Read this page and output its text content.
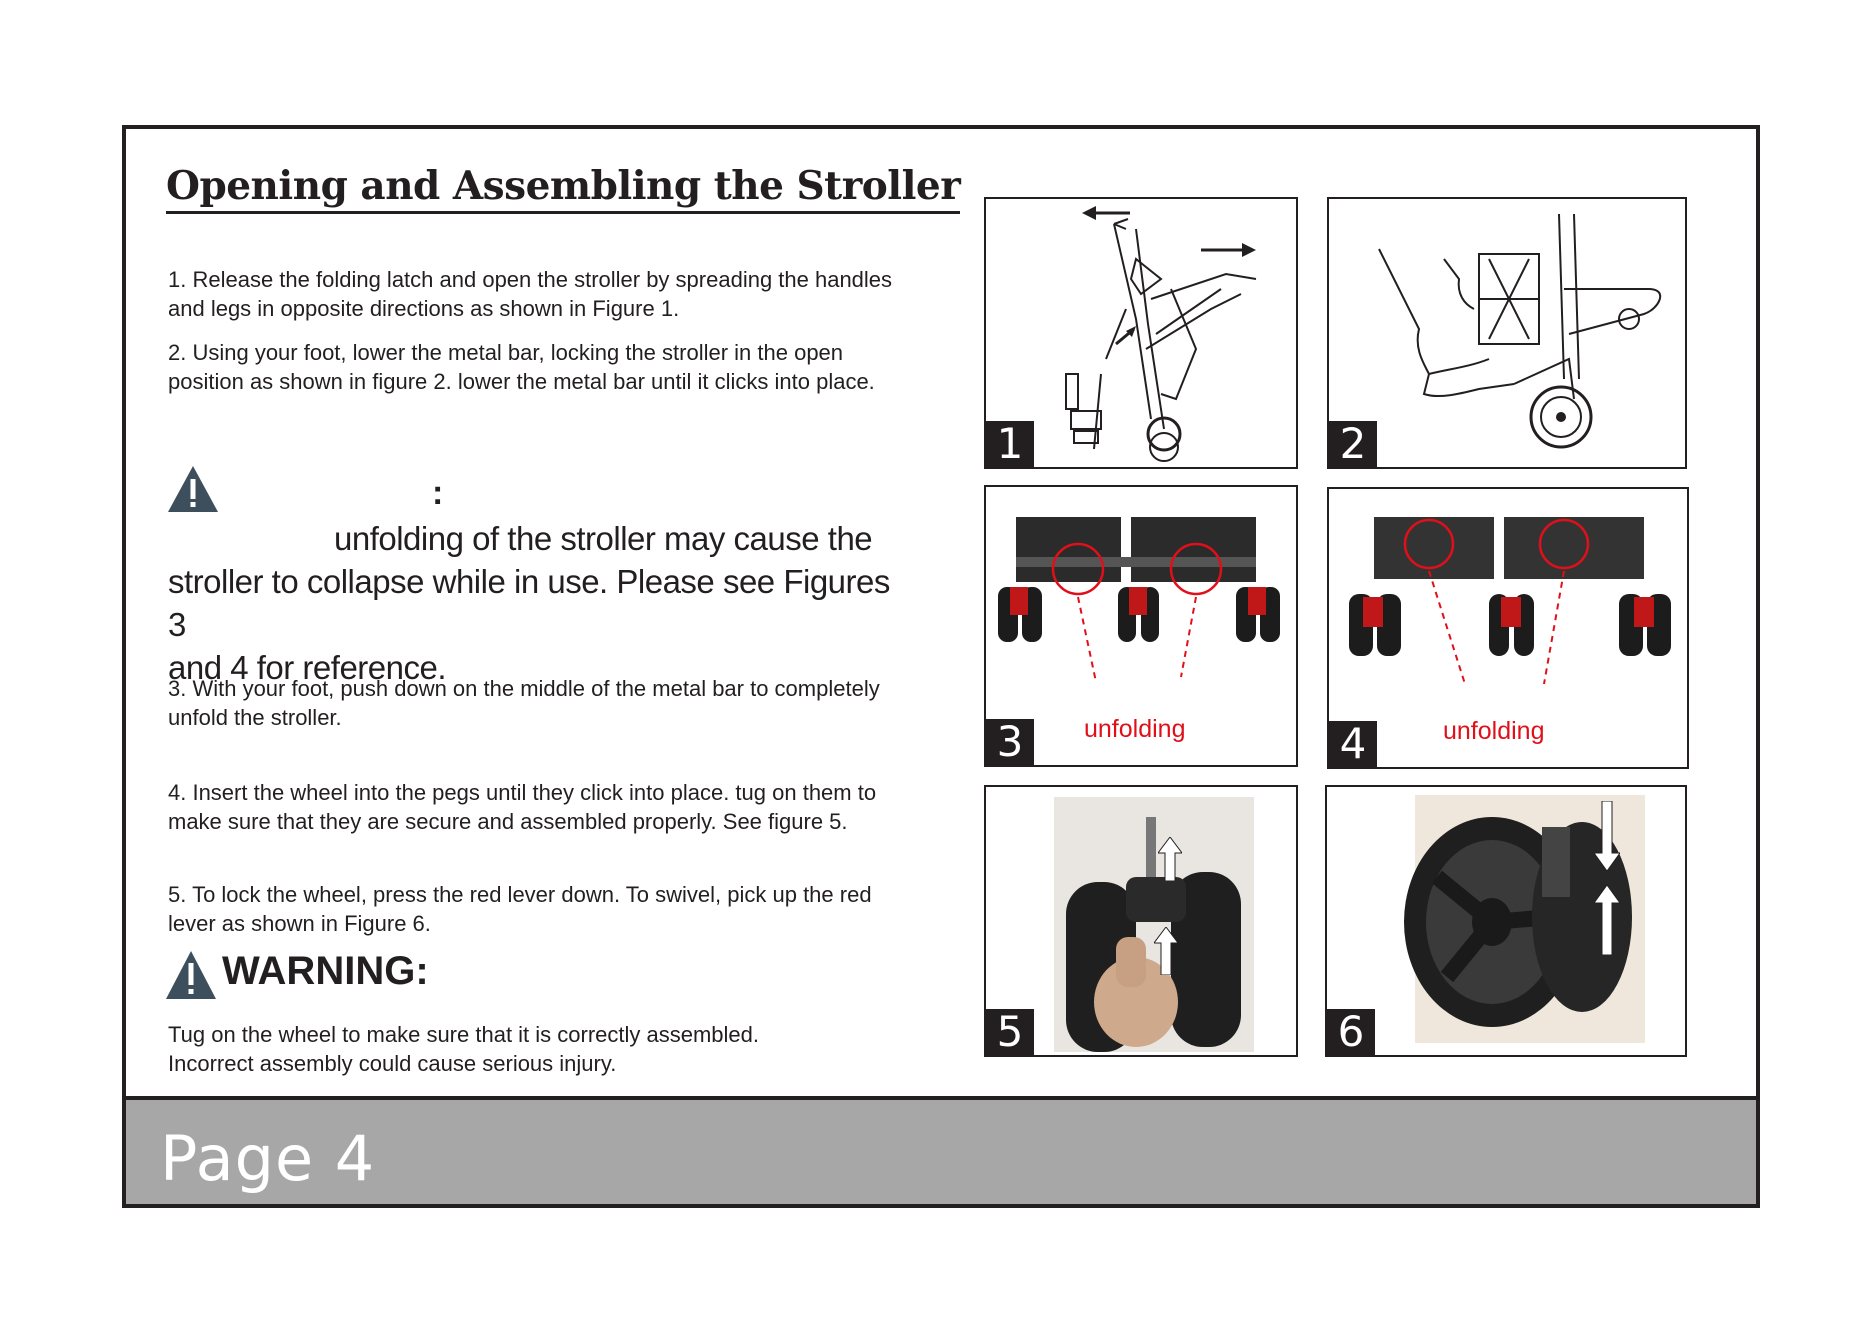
Opening and Assembling the Stroller
1. Release the folding latch and open the stroller by spreading the handles and legs in opposite directions as shown in Figure 1.
2. Using your foot, lower the metal bar, locking the stroller in the open position as shown in figure 2. lower the metal bar until it clicks into place.
:
unfolding of the stroller may cause the
stroller to collapse while in use. Please see Figures 3
and 4 for reference.
3. With your foot, push down on the middle of the metal bar to completely unfold the stroller.
4. Insert the wheel into the pegs until they click into place. tug on them to make sure that they are secure and assembled properly. See figure 5.
5. To lock the wheel, press the red lever down. To swivel, pick up the red lever as shown in Figure 6.
WARNING:
Tug on the wheel to make sure that it is correctly assembled.
Incorrect assembly could cause serious injury.
1	2
unfolding
3	unfolding
4
5	6
Page 4
